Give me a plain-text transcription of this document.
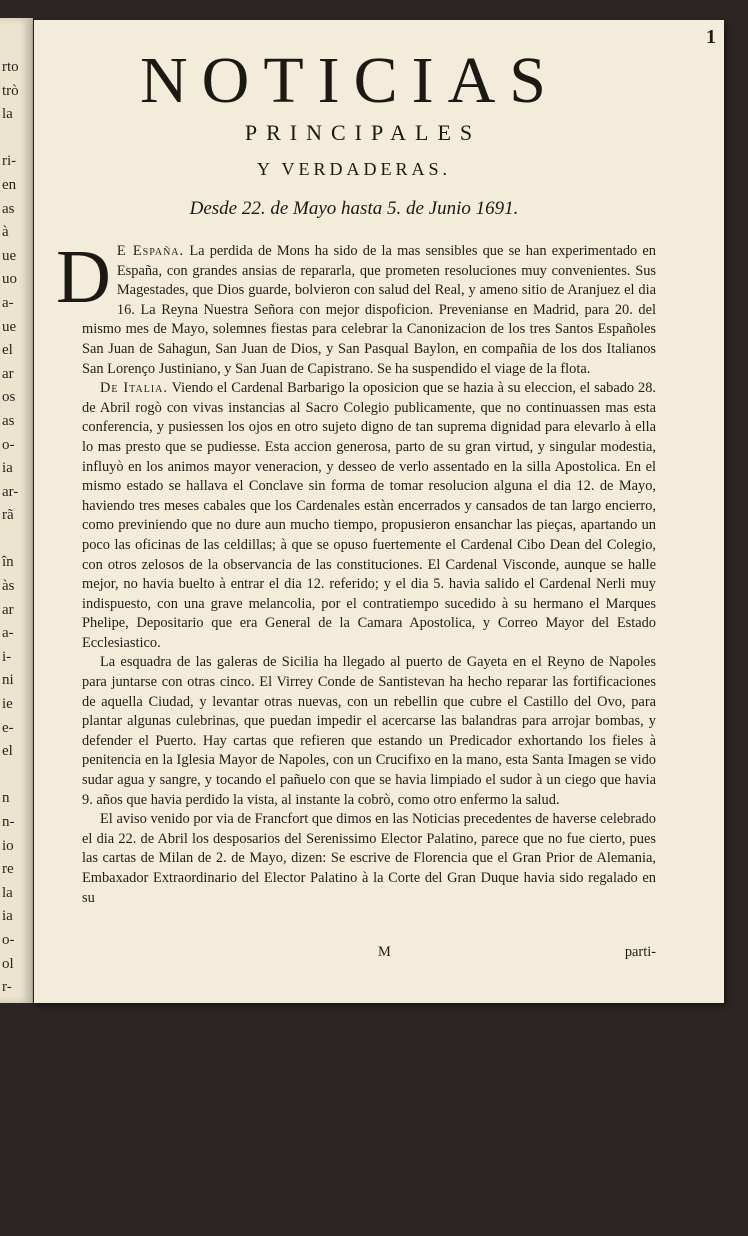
rto
trò
la

ri-
en
as
à
ue
uo
a-
ue
el
ar
os
as
o-
ia
ar-
rã

în
às
ar
a-
i-
ni
ie
e-
el

n
n-
io
re
la
ia
o-
ol
r-
le
o.
ia
il-
lo,

o
os

la
1
NOTICIAS
PRINCIPALES
Y VERDADERAS.
Desde 22. de Mayo hasta 5. de Junio 1691.

D E España. La perdida de Mons ha sido de la mas sensibles que se han experimentado en España, con grandes ansias de repararla, que prometen resoluciones muy convenientes. Sus Magestades, que Dios guarde, bolvieron con salud del Real, y ameno sitio de Aranjuez el dia 16. La Reyna Nuestra Señora con mejor dispoficion. Prevenianse en Madrid, para 20. del mismo mes de Mayo, solemnes fiestas para celebrar la Canonizacion de los tres Santos Españoles San Juan de Sahagun, San Juan de Dios, y San Pasqual Baylon, en compañia de los dos Italianos San Lorenço Justiniano, y San Juan de Capistrano. Se ha suspendido el viage de la flota.

De Italia. Viendo el Cardenal Barbarigo la oposicion que se hazia à su eleccion, el sabado 28. de Abril rogò con vivas instancias al Sacro Colegio publicamente, que no continuassen mas esta conferencia, y pusiessen los ojos en otro sujeto digno de tan suprema dignidad para elevarlo à ella lo mas presto que se pudiesse. Esta accion generosa, parto de su gran virtud, y singular modestia, influyò en los animos mayor veneracion, y desseo de verlo assentado en la silla Apostolica. En el mismo estado se hallava el Conclave sin forma de tomar resolucion alguna el dia 12. de Mayo, haviendo tres meses cabales que los Cardenales estàn encerrados y cansados de tan largo encierro, como previniendo que no dure aun mucho tiempo, propusieron ensanchar las pieças, apartando un poco las oficinas de las celdillas; à que se opuso fuertemente el Cardenal Cibo Dean del Colegio, con otros zelosos de la observancia de las constituciones. El Cardenal Visconde, aunque se halle mejor, no havia buelto à entrar el dia 12. referido; y el dia 5. havia salido el Cardenal Nerli muy indispuesto, con una grave melancolia, por el contratiempo sucedido à su hermano el Marques Phelipe, Depositario que era General de la Camara Apostolica, y Correo Mayor del Estado Ecclesiastico.

La esquadra de las galeras de Sicilia ha llegado al puerto de Gayeta en el Reyno de Napoles para juntarse con otras cinco. El Virrey Conde de Santistevan ha hecho reparar las fortificaciones de aquella Ciudad, y levantar otras nuevas, con un rebellin que cubre el Castillo del Ovo, para plantar algunas culebrinas, que puedan impedir el acercarse las balandras para arrojar bombas, y defender el Puerto. Hay cartas que refieren que estando un Predicador exhortando los fieles à penitencia en la Iglesia Mayor de Napoles, con un Crucifixo en la mano, esta Santa Imagen se vido sudar agua y sangre, y tocando el pañuelo con que se havia limpiado el sudor à un ciego que havia 9. años que havia perdido la vista, al instante la cobrò, como otro enfermo la salud.

El aviso venido por via de Francfort que dimos en las Noticias precedentes de haverse celebrado el dia 22. de Abril los desposarios del Serenissimo Elector Palatino, parece que no fue cierto, pues las cartas de Milan de 2. de Mayo, dizen: Se escrive de Florencia que el Gran Prior de Alemania, Embaxador Extraordinario del Elector Palatino à la Corte del Gran Duque havia sido regalado en su

M	parti-
